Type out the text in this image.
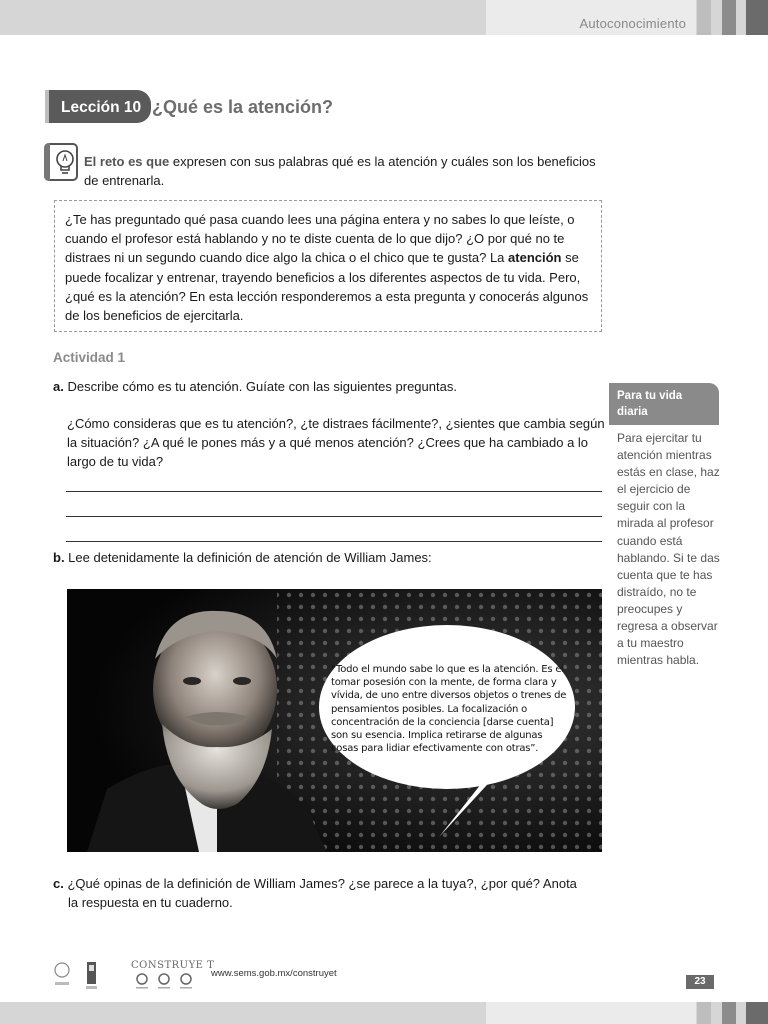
Autoconocimiento
Lección 10 ¿Qué es la atención?

El reto es que expresen con sus palabras qué es la atención y cuáles son los beneficios de entrenarla.

¿Te has preguntado qué pasa cuando lees una página entera y no sabes lo que leíste, o cuando el profesor está hablando y no te diste cuenta de lo que dijo? ¿O por qué no te distraes ni un segundo cuando dice algo la chica o el chico que te gusta? La atención se puede focalizar y entrenar, trayendo beneficios a los diferentes aspectos de tu vida. Pero, ¿qué es la atención? En esta lección responderemos a esta pregunta y conocerás algunos de los beneficios de ejercitarla.
Actividad 1

a. Describe cómo es tu atención. Guíate con las siguientes preguntas.

¿Cómo consideras que es tu atención?, ¿te distraes fácilmente?, ¿sientes que cambia según la situación? ¿A qué le pones más y a qué menos atención? ¿Crees que ha cambiado a lo largo de tu vida?

b. Lee detenidamente la definición de atención de William James:

“Todo el mundo sabe lo que es la atención. Es el tomar posesión con la mente, de forma clara y vívida, de uno entre diversos objetos o trenes de pensamientos posibles. La focalización o concentración de la conciencia [darse cuenta] son su esencia. Implica retirarse de algunas cosas para lidiar efectivamente con otras”.

c. ¿Qué opinas de la definición de William James? ¿se parece a la tuya?, ¿por qué? Anota
la respuesta en tu cuaderno.

Para tu vida diaria

Para ejercitar tu atención mientras estás en clase, haz el ejercicio de seguir con la mirada al profesor cuando está hablando. Si te das cuenta que te has distraído, no te preocupes y regresa a observar a tu maestro mientras habla.

CONSTRUYE T
www.sems.gob.mx/construyet
23
